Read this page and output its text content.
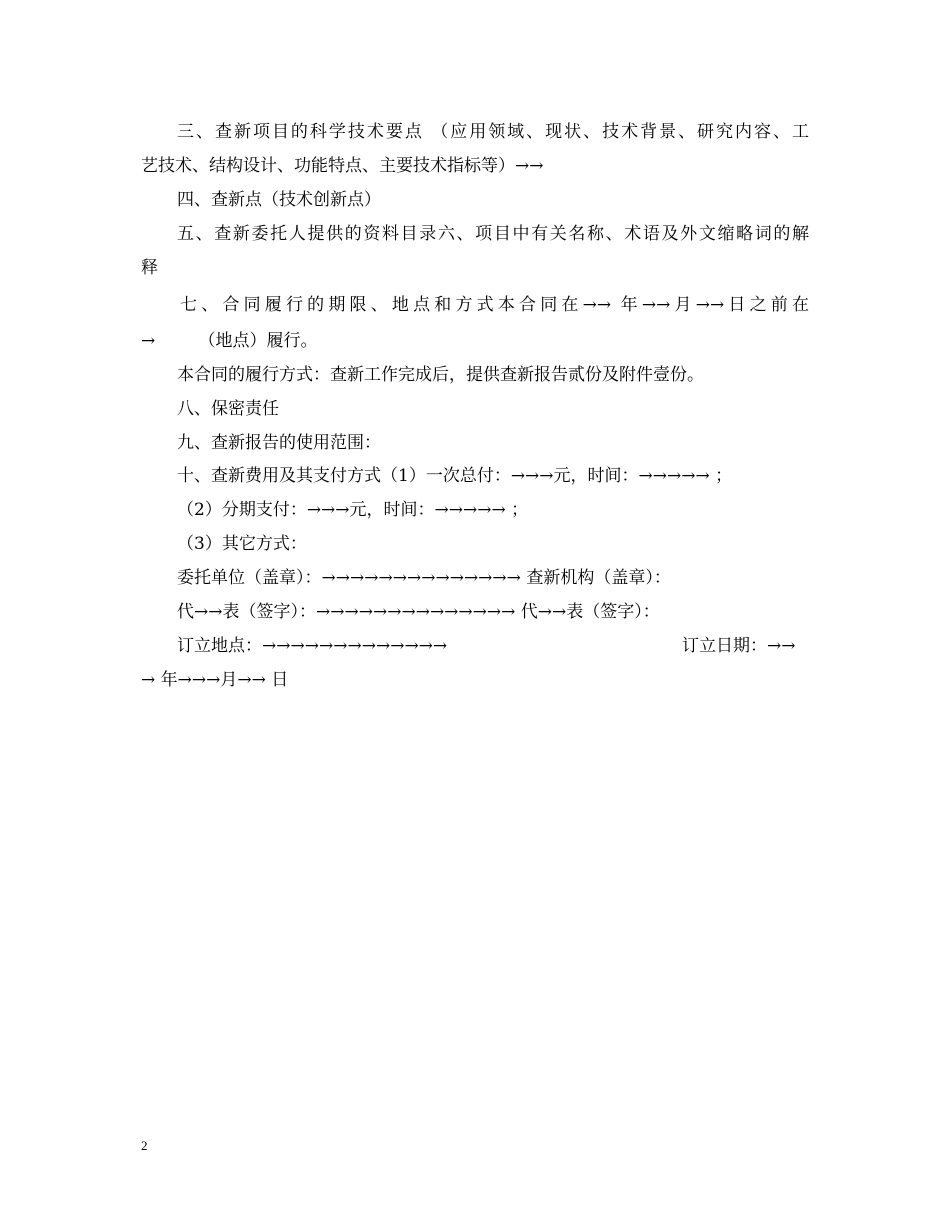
三、查新项目的科学技术要点 （应用领域、现状、技术背景、研究内容、工
艺技术、结构设计、功能特点、主要技术指标等）→→
四、查新点（技术创新点）
五、查新委托人提供的资料目录六、项目中有关名称、术语及外文缩略词的解
释
七、合同履行的期限、地点和方式本合同在→→ 年→→月→→日之前在
→        （地点）履行。
本合同的履行方式：查新工作完成后，提供查新报告贰份及附件壹份。
八、保密责任
九、查新报告的使用范围：
十、查新费用及其支付方式（1）一次总付：→→→元，时间：→→→→→ ；
（2）分期支付：→→→元，时间：→→→→→ ；
（3）其它方式：
委托单位（盖章）：→→→→→→→→→→→→→→ 查新机构（盖章）：
代→→表（签字）：→→→→→→→→→→→→→→ 代→→表（签字）：
订立地点：→→→→→→→→→→→→→	订立日期：→→
→ 年→→→月→→ 日
2
